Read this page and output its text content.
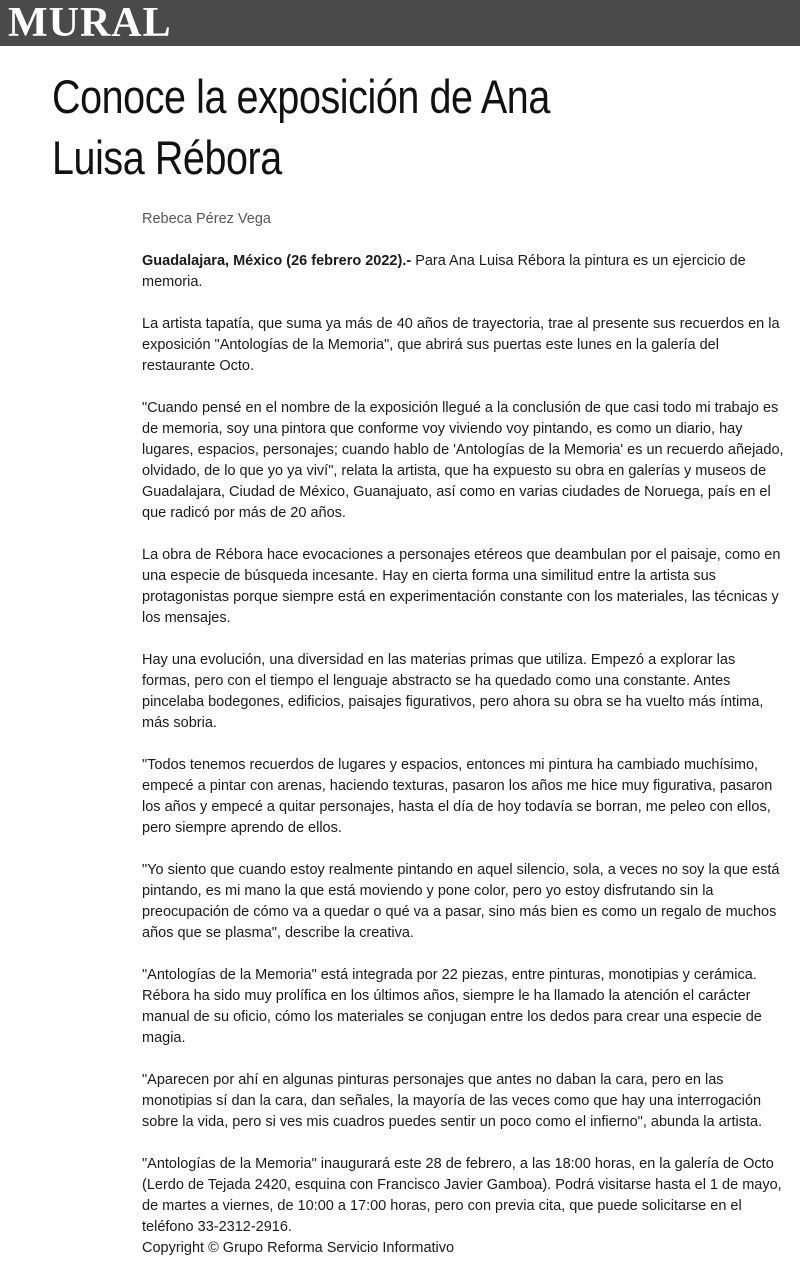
MURAL
Conoce la exposición de Ana Luisa Rébora

Rebeca Pérez Vega

Guadalajara, México (26 febrero 2022).- Para Ana Luisa Rébora la pintura es un ejercicio de memoria.

La artista tapatía, que suma ya más de 40 años de trayectoria, trae al presente sus recuerdos en la exposición "Antologías de la Memoria", que abrirá sus puertas este lunes en la galería del restaurante Octo.

"Cuando pensé en el nombre de la exposición llegué a la conclusión de que casi todo mi trabajo es de memoria, soy una pintora que conforme voy viviendo voy pintando, es como un diario, hay lugares, espacios, personajes; cuando hablo de 'Antologías de la Memoria' es un recuerdo añejado, olvidado, de lo que yo ya viví", relata la artista, que ha expuesto su obra en galerías y museos de Guadalajara, Ciudad de México, Guanajuato, así como en varias ciudades de Noruega, país en el que radicó por más de 20 años.

La obra de Rébora hace evocaciones a personajes etéreos que deambulan por el paisaje, como en una especie de búsqueda incesante. Hay en cierta forma una similitud entre la artista sus protagonistas porque siempre está en experimentación constante con los materiales, las técnicas y los mensajes.

Hay una evolución, una diversidad en las materias primas que utiliza. Empezó a explorar las formas, pero con el tiempo el lenguaje abstracto se ha quedado como una constante. Antes pincelaba bodegones, edificios, paisajes figurativos, pero ahora su obra se ha vuelto más íntima, más sobria.

"Todos tenemos recuerdos de lugares y espacios, entonces mi pintura ha cambiado muchísimo, empecé a pintar con arenas, haciendo texturas, pasaron los años me hice muy figurativa, pasaron los años y empecé a quitar personajes, hasta el día de hoy todavía se borran, me peleo con ellos, pero siempre aprendo de ellos.

"Yo siento que cuando estoy realmente pintando en aquel silencio, sola, a veces no soy la que está pintando, es mi mano la que está moviendo y pone color, pero yo estoy disfrutando sin la preocupación de cómo va a quedar o qué va a pasar, sino más bien es como un regalo de muchos años que se plasma", describe la creativa.

"Antologías de la Memoria" está integrada por 22 piezas, entre pinturas, monotipias y cerámica. Rébora ha sido muy prolífica en los últimos años, siempre le ha llamado la atención el carácter manual de su oficio, cómo los materiales se conjugan entre los dedos para crear una especie de magia.

"Aparecen por ahí en algunas pinturas personajes que antes no daban la cara, pero en las monotipias sí dan la cara, dan señales, la mayoría de las veces como que hay una interrogación sobre la vida, pero si ves mis cuadros puedes sentir un poco como el infierno", abunda la artista.

"Antologías de la Memoria" inaugurará este 28 de febrero, a las 18:00 horas, en la galería de Octo (Lerdo de Tejada 2420, esquina con Francisco Javier Gamboa). Podrá visitarse hasta el 1 de mayo, de martes a viernes, de 10:00 a 17:00 horas, pero con previa cita, que puede solicitarse en el teléfono 33-2312-2916.

Copyright © Grupo Reforma Servicio Informativo
